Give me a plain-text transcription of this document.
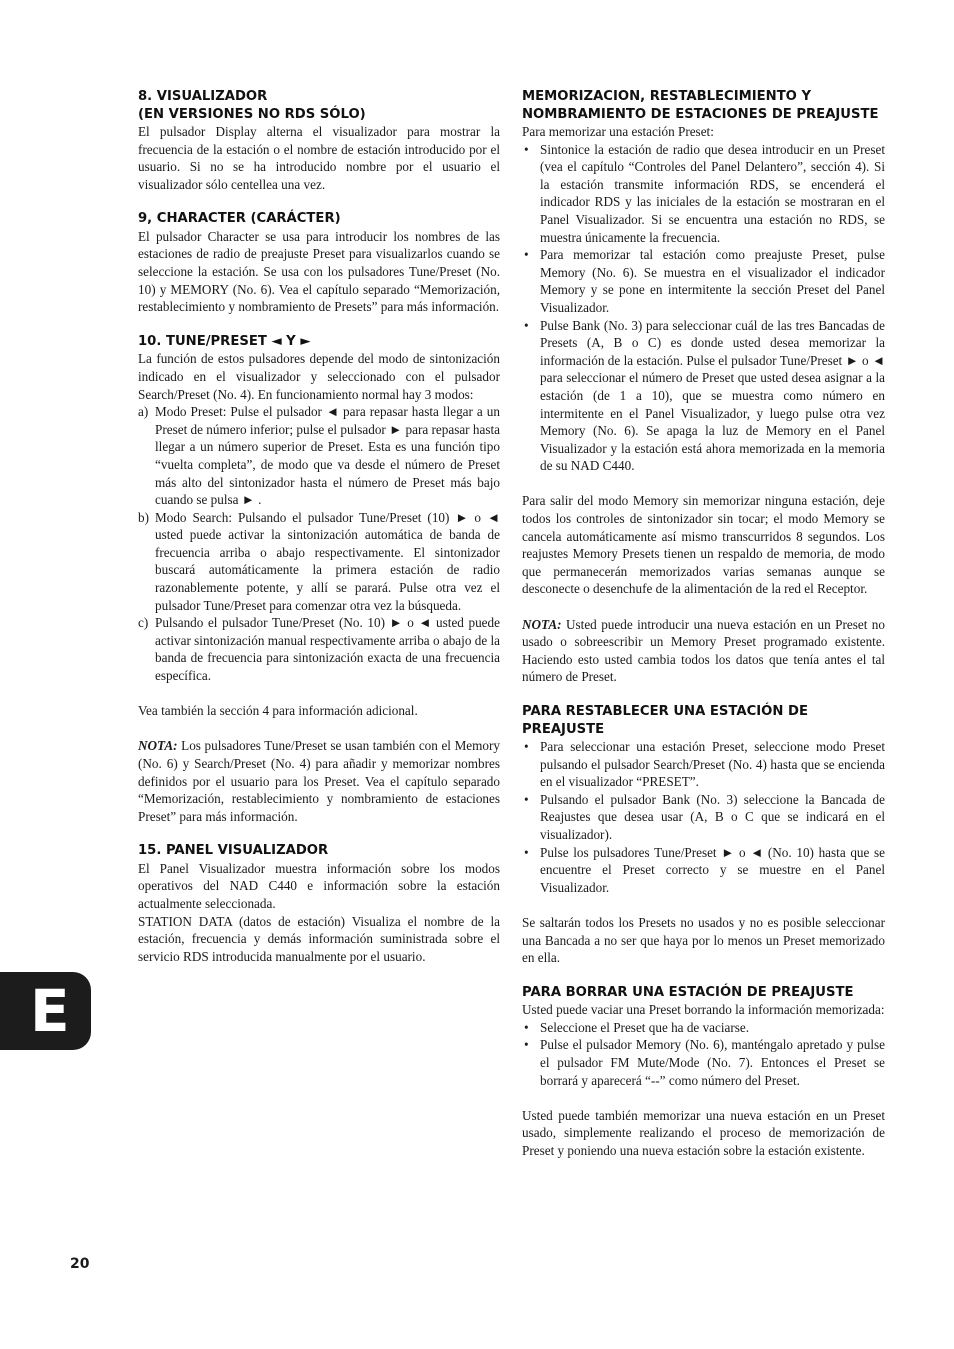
8. VISUALIZADOR
(EN VERSIONES NO RDS SÓLO)

El pulsador Display alterna el visualizador para mostrar la frecuencia de la estación o el nombre de estación introducido por el usuario. Si no se ha introducido nombre por el usuario el visualizador sólo centellea una vez.

9, CHARACTER (CARÁCTER)

El pulsador Character se usa para introducir los nombres de las estaciones de radio de preajuste Preset para visualizarlos cuando se seleccione la estación. Se usa con los pulsadores Tune/Preset (No. 10) y MEMORY (No. 6). Vea el capítulo separado “Memorización, restablecimiento y nombramiento de Presets” para más información.

10. TUNE/PRESET ◄ Y ►

La función de estos pulsadores depende del modo de sintonización indicado en el visualizador y seleccionado con el pulsador Search/Preset (No. 4). En funcionamiento normal hay 3 modos:

a) Modo Preset: Pulse el pulsador ◄ para repasar hasta llegar a un Preset de número inferior; pulse el pulsador ► para repasar hasta llegar a un número superior de Preset. Esta es una función tipo “vuelta completa”, de modo que va desde el número de Preset más alto del sintonizador hasta el número de Preset más bajo cuando se pulsa ► .
b) Modo Search: Pulsando el pulsador Tune/Preset (10) ► o ◄ usted puede activar la sintonización automática de banda de frecuencia arriba o abajo respectivamente. El sintonizador buscará automáticamente la primera estación de radio razonablemente potente, y allí se parará. Pulse otra vez el pulsador Tune/Preset para comenzar otra vez la búsqueda.
c) Pulsando el pulsador Tune/Preset (No. 10) ► o ◄ usted puede activar sintonización manual respectivamente arriba o abajo de la banda de frecuencia para sintonización exacta de una frecuencia específica.

Vea también la sección 4 para información adicional.

NOTA: Los pulsadores Tune/Preset se usan también con el Memory (No. 6) y Search/Preset (No. 4) para añadir y memorizar nombres definidos por el usuario para los Preset. Vea el capítulo separado “Memorización, restablecimiento y nombramiento de estaciones Preset” para más información.

15. PANEL VISUALIZADOR

El Panel Visualizador muestra información sobre los modos operativos del NAD C440 e información sobre la estación actualmente seleccionada.

STATION DATA (datos de estación) Visualiza el nombre de la estación, frecuencia y demás información suministrada sobre el servicio RDS introducida manualmente por el usuario.

MEMORIZACION, RESTABLECIMIENTO Y NOMBRAMIENTO DE ESTACIONES DE PREAJUSTE

Para memorizar una estación Preset:

• Sintonice la estación de radio que desea introducir en un Preset (vea el capítulo “Controles del Panel Delantero”, sección 4). Si la estación transmite información RDS, se encenderá el indicador RDS y las iniciales de la estación se mostraran en el Panel Visualizador. Si se encuentra una estación no RDS, se muestra únicamente la frecuencia.
• Para memorizar tal estación como preajuste Preset, pulse Memory (No. 6). Se muestra en el visualizador el indicador Memory y se pone en intermitente la sección Preset del Panel Visualizador.
• Pulse Bank (No. 3) para seleccionar cuál de las tres Bancadas de Presets (A, B o C) es donde usted desea memorizar la información de la estación. Pulse el pulsador Tune/Preset ► o ◄ para seleccionar el número de Preset que usted desea asignar a la estación (de 1 a 10), que se muestra como número en intermitente en el Panel Visualizador, y luego pulse otra vez Memory (No. 6). Se apaga la luz de Memory en el Panel Visualizador y la estación está ahora memorizada en la memoria de su NAD C440.

Para salir del modo Memory sin memorizar ninguna estación, deje todos los controles de sintonizador sin tocar; el modo Memory se cancela automáticamente así mismo transcurridos 8 segundos. Los reajustes Memory Presets tienen un respaldo de memoria, de modo que permanecerán memorizados varias semanas aunque se desconecte o desenchufe de la alimentación de la red el Receptor.

NOTA: Usted puede introducir una nueva estación en un Preset no usado o sobreescribir un Memory Preset programado existente. Haciendo esto usted cambia todos los datos que tenía antes el tal número de Preset.

PARA RESTABLECER UNA ESTACIÓN DE PREAJUSTE
• Para seleccionar una estación Preset, seleccione modo Preset pulsando el pulsador Search/Preset (No. 4) hasta que se encienda en el visualizador “PRESET”.
• Pulsando el pulsador Bank (No. 3) seleccione la Bancada de Reajustes que desea usar (A, B o C que se indicará en el visualizador).
• Pulse los pulsadores Tune/Preset ► o ◄ (No. 10) hasta que se encuentre el Preset correcto y se muestre en el Panel Visualizador.

Se saltarán todos los Presets no usados y no es posible seleccionar una Bancada a no ser que haya por lo menos un Preset memorizado en ella.

PARA BORRAR UNA ESTACIÓN DE PREAJUSTE

Usted puede vaciar una Preset borrando la información memorizada:

• Seleccione el Preset que ha de vaciarse.
• Pulse el pulsador Memory (No. 6), manténgalo apretado y pulse el pulsador FM Mute/Mode (No. 7). Entonces el Preset se borrará y aparecerá “--” como número del Preset.

Usted puede también memorizar una nueva estación en un Preset usado, simplemente realizando el proceso de memorización de Preset y poniendo una nueva estación sobre la estación existente.

E
20
